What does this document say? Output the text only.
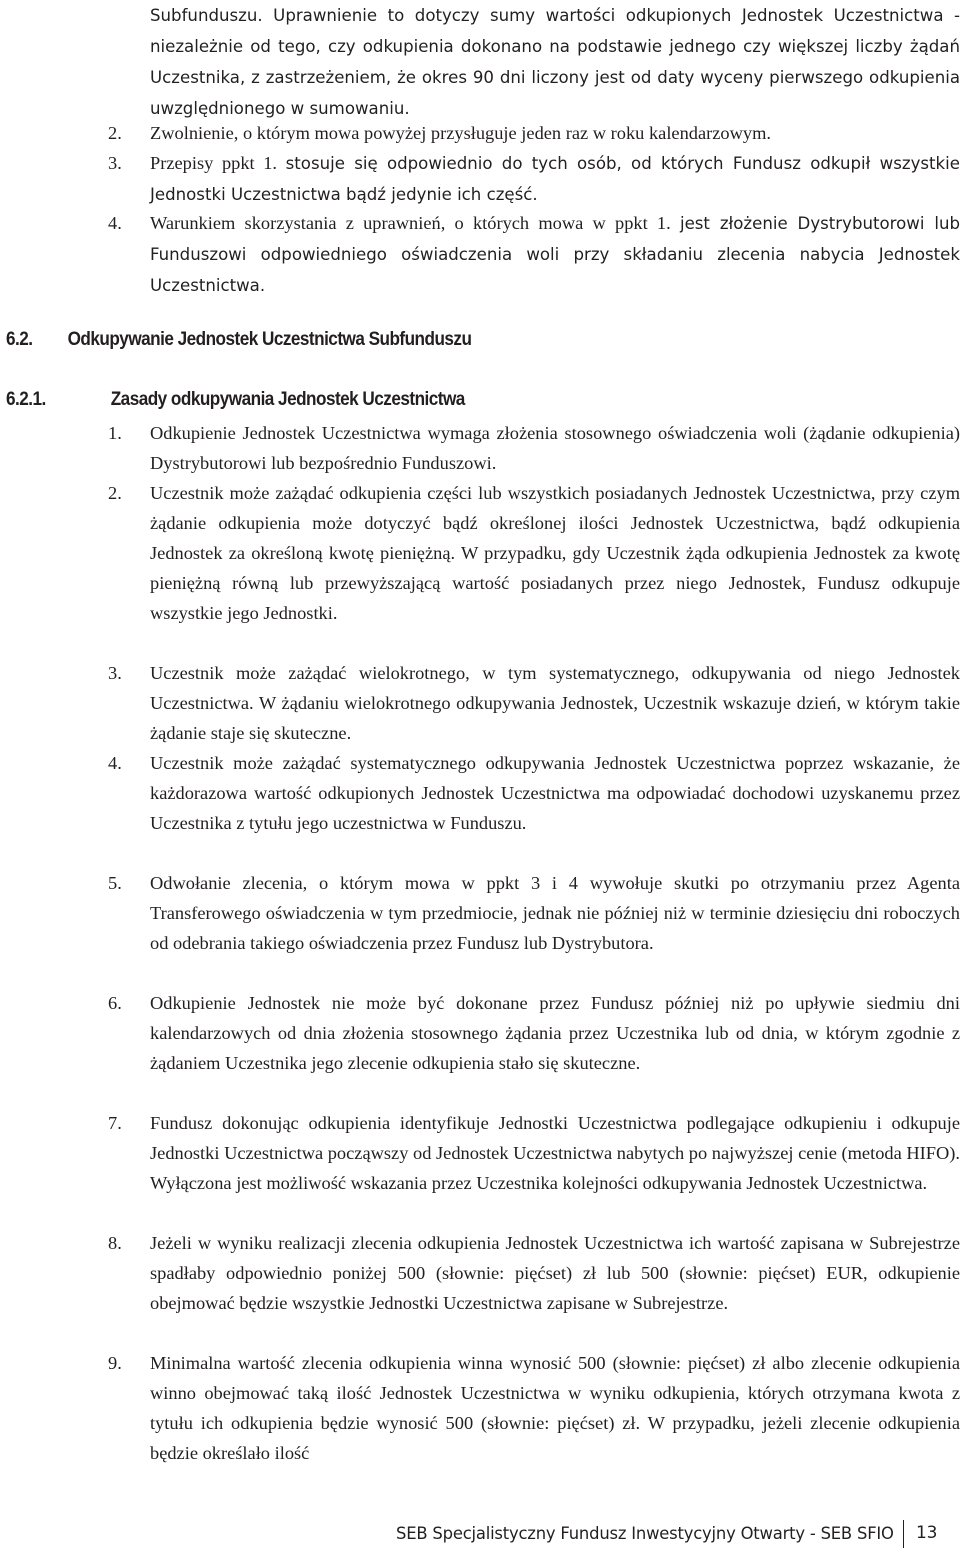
Subfunduszu. Uprawnienie to dotyczy sumy wartości odkupionych Jednostek Uczestnictwa - niezależnie od tego, czy odkupienia dokonano na podstawie jednego czy większej liczby żądań Uczestnika, z zastrzeżeniem, że okres 90 dni liczony jest od daty wyceny pierwszego odkupienia uwzględnionego w sumowaniu.
2. Zwolnienie, o którym mowa powyżej przysługuje jeden raz w roku kalendarzowym.
3. Przepisy ppkt 1. stosuje się odpowiednio do tych osób, od których Fundusz odkupił wszystkie Jednostki Uczestnictwa bądź jedynie ich część.
4. Warunkiem skorzystania z uprawnień, o których mowa w ppkt 1. jest złożenie Dystrybutorowi lub Funduszowi odpowiedniego oświadczenia woli przy składaniu zlecenia nabycia Jednostek Uczestnictwa.
6.2. Odkupywanie Jednostek Uczestnictwa Subfunduszu
6.2.1.	Zasady odkupywania Jednostek Uczestnictwa
1. Odkupienie Jednostek Uczestnictwa wymaga złożenia stosownego oświadczenia woli (żądanie odkupienia) Dystrybutorowi lub bezpośrednio Funduszowi.
2. Uczestnik może zażądać odkupienia części lub wszystkich posiadanych Jednostek Uczestnictwa, przy czym żądanie odkupienia może dotyczyć bądź określonej ilości Jednostek Uczestnictwa, bądź odkupienia Jednostek za określoną kwotę pieniężną. W przypadku, gdy Uczestnik żąda odkupienia Jednostek za kwotę pieniężną równą lub przewyższającą wartość posiadanych przez niego Jednostek, Fundusz odkupuje wszystkie jego Jednostki.
3. Uczestnik może zażądać wielokrotnego, w tym systematycznego, odkupywania od niego Jednostek Uczestnictwa. W żądaniu wielokrotnego odkupywania Jednostek, Uczestnik wskazuje dzień, w którym takie żądanie staje się skuteczne.
4. Uczestnik może zażądać systematycznego odkupywania Jednostek Uczestnictwa poprzez wskazanie, że każdorazowa wartość odkupionych Jednostek Uczestnictwa ma odpowiadać dochodowi uzyskanemu przez Uczestnika z tytułu jego uczestnictwa w Funduszu.
5. Odwołanie zlecenia, o którym mowa w ppkt 3 i 4 wywołuje skutki po otrzymaniu przez Agenta Transferowego oświadczenia w tym przedmiocie, jednak nie później niż w terminie dziesięciu dni roboczych od odebrania takiego oświadczenia przez Fundusz lub Dystrybutora.
6. Odkupienie Jednostek nie może być dokonane przez Fundusz później niż po upływie siedmiu dni kalendarzowych od dnia złożenia stosownego żądania przez Uczestnika lub od dnia, w którym zgodnie z żądaniem Uczestnika jego zlecenie odkupienia stało się skuteczne.
7. Fundusz dokonując odkupienia identyfikuje Jednostki Uczestnictwa podlegające odkupieniu i odkupuje Jednostki Uczestnictwa począwszy od Jednostek Uczestnictwa nabytych po najwyższej cenie (metoda HIFO). Wyłączona jest możliwość wskazania przez Uczestnika kolejności odkupywania Jednostek Uczestnictwa.
8. Jeżeli w wyniku realizacji zlecenia odkupienia Jednostek Uczestnictwa ich wartość zapisana w Subrejestrze spadłaby odpowiednio poniżej 500 (słownie: pięćset) zł lub 500 (słownie: pięćset) EUR, odkupienie obejmować będzie wszystkie Jednostki Uczestnictwa zapisane w Subrejestrze.
9. Minimalna wartość zlecenia odkupienia winna wynosić 500 (słownie: pięćset) zł albo zlecenie odkupienia winno obejmować taką ilość Jednostek Uczestnictwa w wyniku odkupienia, których otrzymana kwota z tytułu ich odkupienia będzie wynosić 500 (słownie: pięćset) zł. W przypadku, jeżeli zlecenie odkupienia będzie określało ilość
SEB Specjalistyczny Fundusz Inwestycyjny Otwarty - SEB SFIO 13
